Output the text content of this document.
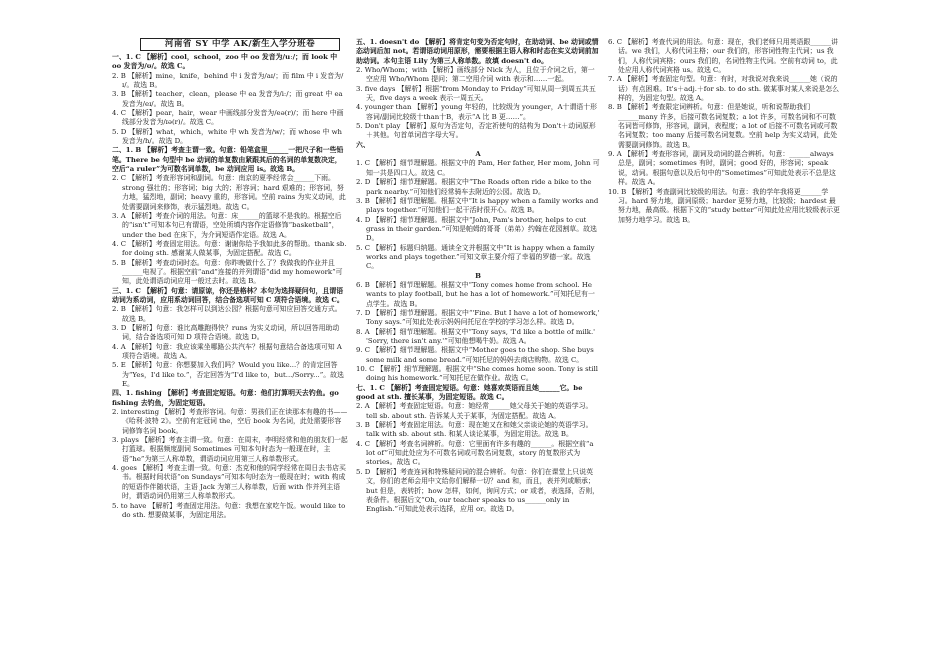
河南省 SY 中学 AK/新生入学分班卷

一、1. C 【解析】cool，school，zoo 中 oo 发音为/uː/；而 look 中 oo 发音为/ʊ/。故选 C。

2. B 【解析】mine，knife，behind 中 i 发音为/aɪ/；而 film 中 i 发音为/ɪ/。故选 B。

3. B 【解析】teacher，clean，please 中 ea 发音为/iː/；而 great 中 ea 发音为/eɪ/。故选 B。

4. C 【解析】pear，hair，wear 中画线部分发音为/eə(r)/；而 here 中画线部分发音为/ɪə(r)/。故选 C。

5. D 【解析】what，which，white 中 wh 发音为/w/；而 whose 中 wh 发音为/h/。故选 D。

二、1. B 【解析】考查主谓一致。句意：铅笔盒里______一把尺子和一些铅笔。There be 句型中 be 动词的单复数由紧跟其后的名词的单复数决定，空后“a ruler”为可数名词单数，be 动词应用 is。故选 B。

2. C 【解析】考查形容词和副词。句意：南京的夏季经常会______下雨。strong 强壮的；形容词；big 大的；形容词；hard 艰难的；形容词，努力地，猛烈地，副词；heavy 重的，形容词。空前 rains 为实义动词，此处需要副词来修饰，表示猛烈地。故选 C。

3. A 【解析】考查介词的用法。句意：床______的篮球不是我的。根据空后的“isn't”可知本句已有谓语，空处所填内容作定语修饰“basketball”，under the bed 在床下，为介词短语作定语。故选 A。

4. C 【解析】考查固定用法。句意：谢谢你给予我如此多的帮助。thank sb. for doing sth. 感谢某人做某事，为固定搭配。故选 C。

5. B 【解析】考查动词时态。句意：你昨晚做什么了？我做我的作业并且______电视了。根据空前“and”连接的并列谓语“did my homework”可知，此处谓语动词应用一般过去时。故选 B。

三、1. C 【解析】句意：请原谅，你还是格林？本句为选择疑问句，且谓语动词为系动词，应用系动词回答，结合备选项可知 C 项符合语境。故选 C。

2. B 【解析】句意：我怎样可以到达公园？根据句意可知应回答交通方式。故选 B。

3. D 【解析】句意：谁比高雕跑得快？runs 为实义动词，所以回答用助动词，结合备选项可知 D 项符合语境。故选 D。

4. A 【解析】句意：我应该乘坐哪路公共汽车？根据句意结合备选项可知 A 项符合语境。故选 A。

5. E 【解析】句意：你想要加入我们吗？Would you like...？的肯定回答为“Yes，I'd like to.”，否定回答为“I'd like to，but.../Sorry...”。故选 E。

四、1. fishing 【解析】考查固定短语。句意：他们打算明天去钓鱼。go fishing 去钓鱼，为固定短语。

2. interesting 【解析】考查形容词。句意：男孩们正在读那本有趣的书——《哈利·波特 2》。空前有定冠词 the，空后 book 为名词，此处需要形容词修饰名词 book。

3. plays 【解析】考查主谓一致。句意：在周末，李明经常和他的朋友们一起打篮球。根据频度副词 Sometimes 可知本句时态为一般现在时，主语“he”为第三人称单数，谓语动词应用第三人称单数形式。

4. goes 【解析】考查主谓一致。句意：杰克和他的同学经常在周日去书店买书。根据时间状语“on Sundays”可知本句时态为一般现在时；with 构成的短语作伴随状语，主语 Jack 为第三人称单数，后面 with 作并列主语时，谓语动词仍用第三人称单数形式。

5. to have 【解析】考查固定用法。句意：我想在家吃午饭。would like to do sth. 想要做某事，为固定用法。

五、1. doesn't do 【解析】将肯定句变为否定句时，在助动词、be 动词或情态动词后加 not。若谓语动词用原形，需要根据主语人称和时态在实义动词前加助动词。本句主语 Lily 为第三人称单数。故填 doesn't do。

2. Who/Whom；with 【解析】画线部分 Nick 为人，且位于介词之后，第一空应用 Who/Whom 提问；第二空用介词 with 表示和……一起。

3. five days 【解析】根据“from Monday to Friday”可知从周一到周五共五天，five days a week 表示一周五天。

4. younger than 【解析】young 年轻的，比较级为 younger，A十谓语十形容词/副词比较级十than十B，表示“A 比 B 更……”。

5. Don't play 【解析】原句为否定句，否定祈使句的结构为 Don't＋动词原形＋其他。句首单词首字母大写。

六、

A

1. C 【解析】细节理解题。根据文中的 Pam, Her father, Her mom, John 可知一共是四口人。故选 C。

2. D 【解析】细节理解题。根据文中“The Roads often ride a bike to the park nearby.”可知他们经常骑车去附近的公园。故选 D。

3. B 【解析】细节理解题。根据文中“It is happy when a family works and plays together.”可知他们一起干活时很开心。故选 B。

4. D 【解析】细节理解题。根据文中“John, Pam's brother, helps to cut grass in their garden.”可知是帕姆的哥哥（弟弟）约翰在花园割草。故选 D。

5. C 【解析】标题归纳题。通读全文并根据文中“It is happy when a family works and plays together.”可知文章主要介绍了幸福的罗德一家。故选 C。

B

6. B 【解析】细节理解题。根据文中“Tony comes home from school. He wants to play football, but he has a lot of homework.”可知托尼有一点学生。故选 B。

7. D 【解析】细节理解题。根据文中“'Fine. But I have a lot of homework,' Tony says.”可知此处表示妈妈问托尼在学校的学习怎么样。故选 D。

8. A 【解析】细节理解题。根据文中“Tony says, 'I'd like a bottle of milk.' 'Sorry, there isn't any.'”可知他想喝牛奶。故选 A。

9. C 【解析】细节理解题。根据文中“Mother goes to the shop. She buys some milk and some bread.”可知托尼的妈妈去商店购物。故选 C。

10. C 【解析】细节理解题。根据文中“She comes home soon. Tony is still doing his homework.”可知托尼在做作业。故选 C。

七、1. C 【解析】考查固定短语。句意：她喜欢英语而且她______它。be good at sth. 擅长某事，为固定短语。故选 C。

2. A 【解析】考查固定短语。句意：她经常______她父母关于她的英语学习。tell sb. about sth. 告诉某人关于某事，为固定搭配。故选 A。

3. B 【解析】考查固定用法。句意：现在她又在和她父亲谈论她的英语学习。talk with sb. about sth. 和某人谈论某事，为固定用法。故选 B。

4. C 【解析】考查名词辨析。句意：它里面有许多有趣的______。根据空前“a lot of”可知此处应为不可数名词或可数名词复数，story 的复数形式为 stories。故选 C。

5. D 【解析】考查连词和特殊疑问词的混合辨析。句意：你们在课堂上只说英文，你们的老师会用中文给你们解释一切？and 和，而且，表并列或顺承；but 但是，表转折；how 怎样，如何，询问方式；or 或者，表选择，否则，表条件。根据后文“Oh, our teacher speaks to us______only in English.”可知此处表示选择，应用 or。故选 D。

6. C 【解析】考查代词的用法。句意：现在，我们老师只用英语跟______讲话。we 我们，人称代词主格；our 我们的，形容词性物主代词；us 我们，人称代词宾格；ours 我们的，名词性物主代词。空前有动词 to，此处应用人称代词宾格 us。故选 C。

7. A 【解析】考查固定句型。句意：有时，对我说对我来说______她（说的话）有点困难。It's＋adj.＋for sb. to do sth. 做某事对某人来说是怎么样的，为固定句型。故选 A。

8. B 【解析】考查限定词辨析。句意：但是她说，听和说帮助我们______many 许多，后接可数名词复数；a lot 许多，可数名词和不可数名词皆可修饰，形容词，副词，表程度；a lot of 后接不可数名词或可数名词复数；too many 后接可数名词复数。空前 help 为实义动词，此处需要副词修饰。故选 B。

9. A 【解析】考查形容词，副词及动词的混合辨析。句意：______always 总是，副词；sometimes 有时，副词；good 好的，形容词；speak 说，动词。根据句意以及后句中的“Sometimes”可知此处表示不总是这样。故选 A。

10. B 【解析】考查副词比较级的用法。句意：我的学年我将更______学习。hard 努力地，副词原级；harder 更努力地，比较级；hardest 最努力地，最高级。根据下文的“study better”可知此处应用比较级表示更加努力地学习。故选 B。
